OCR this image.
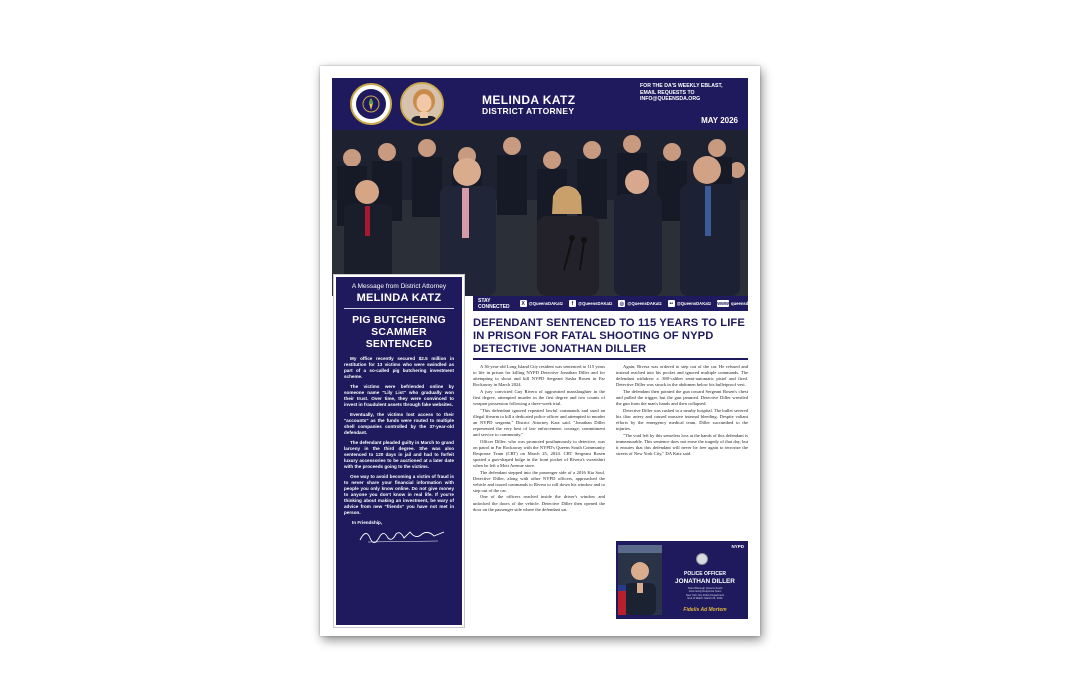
MELINDA KATZ
DISTRICT ATTORNEY
FOR THE DA'S WEEKLY EBLAST,
EMAIL REQUESTS TO
INFO@QUEENSDA.ORG
MAY 2026
STAY CONNECTED	X @QueensDAKatz	f	@QueensDAKatz ◎ @QueensDAKatz	•• @QueensDAKatz www queensda.org
A Message from District Attorney
MELINDA KATZ
PIG BUTCHERING SCAMMER SENTENCED

My office recently secured $2.5 million in restitution for 13 victims who were swindled as part of a so-called pig butchering investment scheme.

The victims were befriended online by someone name "Lily List" who gradually won their trust. Over time, they were convinced to invest in fraudulent assets through fake websites.

Eventually, the victims lost access to their "accounts" as the funds were routed to multiple shell companies controlled by the 37-year-old defendant.

The defendant pleaded guilty in March to grand larceny in the third degree. She was also sentenced to 120 days in jail and had to forfeit luxury accessories to be auctioned at a later date with the proceeds going to the victims.

One way to avoid becoming a victim of fraud is to never share your financial information with people you only know online. Do not give money to anyone you don't know in real life. If you're thinking about making an investment, be wary of advice from new "friends" you have not met in person.

In Friendship,
DEFENDANT SENTENCED TO 115 YEARS TO LIFE IN PRISON FOR FATAL SHOOTING OF NYPD DETECTIVE JONATHAN DILLER

A 36-year-old Long Island City resident was sentenced to 115 years to life in prison for killing NYPD Detective Jonathan Diller and for attempting to shoot and kill NYPD Sergeant Sasha Rosen in Far Rockaway in March 2024.

A jury convicted Guy Rivera of aggravated manslaughter in the first degree, attempted murder in the first degree and two counts of weapon possession following a three-week trial.

"This defendant ignored repeated lawful commands and used an illegal firearm to kill a dedicated police officer and attempted to murder an NYPD sergeant," District Attorney Katz said. "Jonathan Diller represented the very best of law enforcement: courage, commitment and service to community."

Officer Diller, who was promoted posthumously to detective, was on patrol in Far Rockaway with the NYPD's Queens South Community Response Team (CRT) on March 25, 2024. CRT Sergeant Rosen spotted a gun-shaped bulge in the front pocket of Rivera's sweatshirt when he left a Mott Avenue store.

The defendant stepped into the passenger side of a 2016 Kia Soul. Detective Diller, along with other NYPD officers, approached the vehicle and issued commands to Rivera to roll down his window and to step out of the car.

One of the officers reached inside the driver's window and unlocked the doors of the vehicle. Detective Diller then opened the door on the passenger side where the defendant sat.

Again, Rivera was ordered to step out of the car. He refused and instead reached into his pocket and ignored multiple commands. The defendant withdrew a .380-caliber semi-automatic pistol and fired. Detective Diller was struck in the abdomen below his bulletproof vest.

The defendant then pointed the gun toward Sergeant Rosen's chest and pulled the trigger, but the gun jammed. Detective Diller wrestled the gun from the man's hands and then collapsed.

Detective Diller was rushed to a nearby hospital. The bullet severed his iliac artery and caused massive internal bleeding. Despite valiant efforts by the emergency medical team, Diller succumbed to the injuries.

"The void left by this senseless loss at the hands of this defendant is immeasurable. This sentence does not erase the tragedy of that day, but it ensures that this defendant will never be free again to terrorize the streets of New York City," DA Katz said.

NYPD
POLICE OFFICER
JONATHAN DILLER
Patrol Borough Queens South
Community Response Team
New York City Police Department
End of Watch: March 25, 2024
Fidelis Ad Mortem
